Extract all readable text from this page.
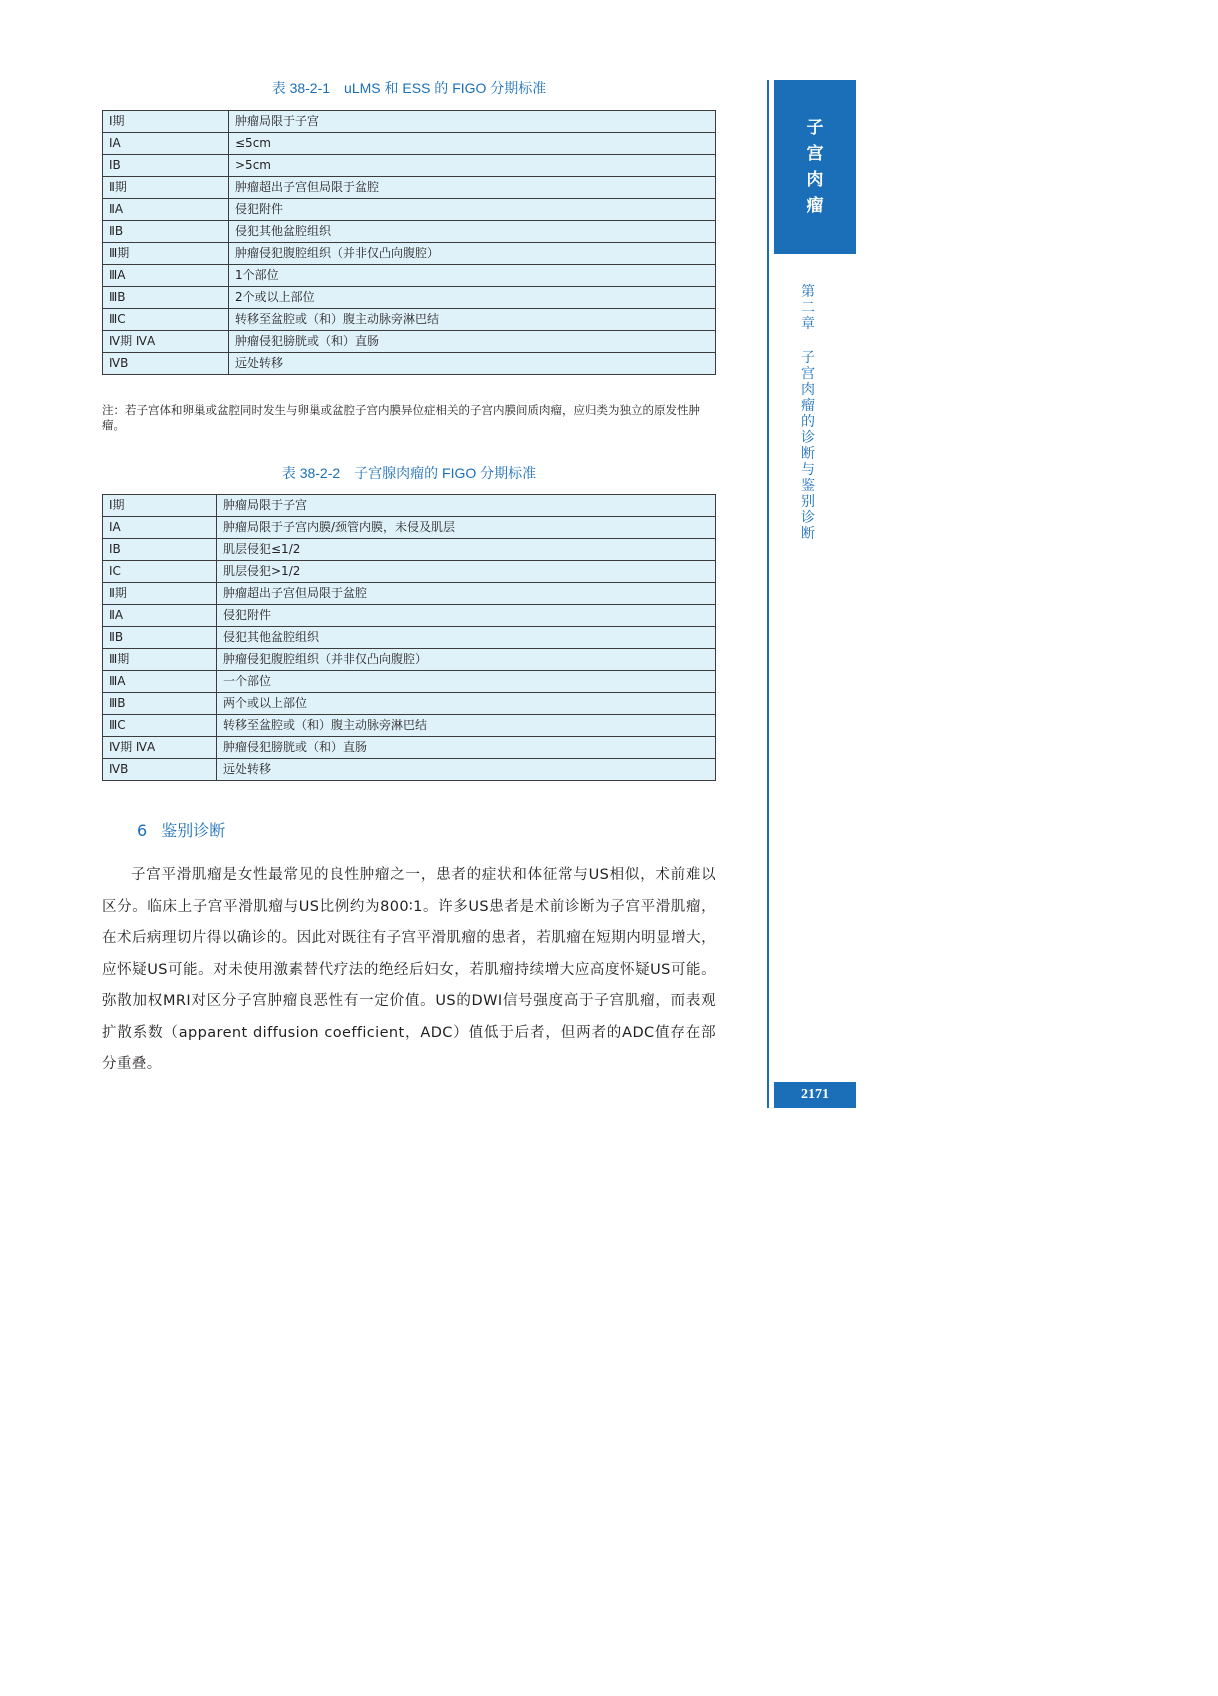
表 38-2-1　uLMS 和 ESS 的 FIGO 分期标准
Ⅰ期	肿瘤局限于子宫
ⅠA	≤5cm
ⅠB	>5cm
Ⅱ期	肿瘤超出子宫但局限于盆腔
ⅡA	侵犯附件
ⅡB	侵犯其他盆腔组织
Ⅲ期	肿瘤侵犯腹腔组织（并非仅凸向腹腔）
ⅢA	1个部位
ⅢB	2个或以上部位
ⅢC	转移至盆腔或（和）腹主动脉旁淋巴结
Ⅳ期 ⅣA	肿瘤侵犯膀胱或（和）直肠
ⅣB	远处转移
注：若子宫体和卵巢或盆腔同时发生与卵巢或盆腔子宫内膜异位症相关的子宫内膜间质肉瘤，应归类为独立的原发性肿瘤。
表 38-2-2　子宫腺肉瘤的 FIGO 分期标准
Ⅰ期	肿瘤局限于子宫
ⅠA	肿瘤局限于子宫内膜/颈管内膜，未侵及肌层
ⅠB	肌层侵犯≤1/2
ⅠC	肌层侵犯>1/2
Ⅱ期	肿瘤超出子宫但局限于盆腔
ⅡA	侵犯附件
ⅡB	侵犯其他盆腔组织
Ⅲ期	肿瘤侵犯腹腔组织（并非仅凸向腹腔）
ⅢA	一个部位
ⅢB	两个或以上部位
ⅢC	转移至盆腔或（和）腹主动脉旁淋巴结
Ⅳ期 ⅣA	肿瘤侵犯膀胱或（和）直肠
ⅣB	远处转移
6 鉴别诊断

子宫平滑肌瘤是女性最常见的良性肿瘤之一，患者的症状和体征常与US相似，术前难以区分。临床上子宫平滑肌瘤与US比例约为800∶1。许多US患者是术前诊断为子宫平滑肌瘤，在术后病理切片得以确诊的。因此对既往有子宫平滑肌瘤的患者，若肌瘤在短期内明显增大，应怀疑US可能。对未使用激素替代疗法的绝经后妇女，若肌瘤持续增大应高度怀疑US可能。弥散加权MRI对区分子宫肿瘤良恶性有一定价值。US的DWI信号强度高于子宫肌瘤，而表观扩散系数（apparent diffusion coefficient，ADC）值低于后者，但两者的ADC值存在部分重叠。

子
宫
肉
瘤
第
二
章
子
宫
肉
瘤
的
诊
断
与
鉴
别
诊
断
2171
